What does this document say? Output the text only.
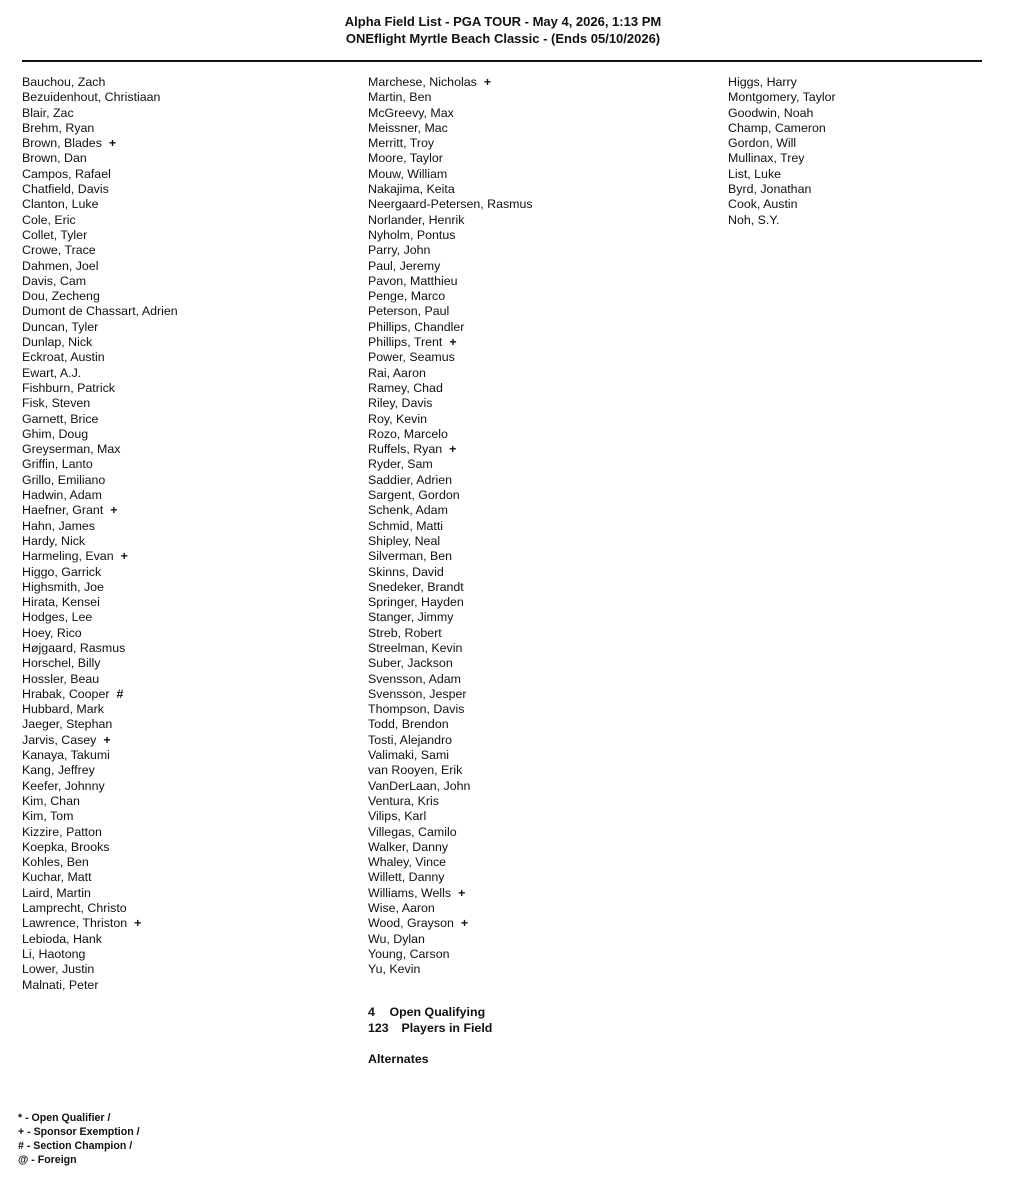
Alpha Field List - PGA TOUR - May 4, 2026, 1:13 PM
ONEflight Myrtle Beach Classic - (Ends 05/10/2026)
Bauchou, Zach
Bezuidenhout, Christiaan
Blair, Zac
Brehm, Ryan
Brown, Blades +
Brown, Dan
Campos, Rafael
Chatfield, Davis
Clanton, Luke
Cole, Eric
Collet, Tyler
Crowe, Trace
Dahmen, Joel
Davis, Cam
Dou, Zecheng
Dumont de Chassart, Adrien
Duncan, Tyler
Dunlap, Nick
Eckroat, Austin
Ewart, A.J.
Fishburn, Patrick
Fisk, Steven
Garnett, Brice
Ghim, Doug
Greyserman, Max
Griffin, Lanto
Grillo, Emiliano
Hadwin, Adam
Haefner, Grant +
Hahn, James
Hardy, Nick
Harmeling, Evan +
Higgo, Garrick
Highsmith, Joe
Hirata, Kensei
Hodges, Lee
Hoey, Rico
Højgaard, Rasmus
Horschel, Billy
Hossler, Beau
Hrabak, Cooper #
Hubbard, Mark
Jaeger, Stephan
Jarvis, Casey +
Kanaya, Takumi
Kang, Jeffrey
Keefer, Johnny
Kim, Chan
Kim, Tom
Kizzire, Patton
Koepka, Brooks
Kohles, Ben
Kuchar, Matt
Laird, Martin
Lamprecht, Christo
Lawrence, Thriston +
Lebioda, Hank
Li, Haotong
Lower, Justin
Malnati, Peter
Marchese, Nicholas +
Martin, Ben
McGreevy, Max
Meissner, Mac
Merritt, Troy
Moore, Taylor
Mouw, William
Nakajima, Keita
Neergaard-Petersen, Rasmus
Norlander, Henrik
Nyholm, Pontus
Parry, John
Paul, Jeremy
Pavon, Matthieu
Penge, Marco
Peterson, Paul
Phillips, Chandler
Phillips, Trent +
Power, Seamus
Rai, Aaron
Ramey, Chad
Riley, Davis
Roy, Kevin
Rozo, Marcelo
Ruffels, Ryan +
Ryder, Sam
Saddier, Adrien
Sargent, Gordon
Schenk, Adam
Schmid, Matti
Shipley, Neal
Silverman, Ben
Skinns, David
Snedeker, Brandt
Springer, Hayden
Stanger, Jimmy
Streb, Robert
Streelman, Kevin
Suber, Jackson
Svensson, Adam
Svensson, Jesper
Thompson, Davis
Todd, Brendon
Tosti, Alejandro
Valimaki, Sami
van Rooyen, Erik
VanDerLaan, John
Ventura, Kris
Vilips, Karl
Villegas, Camilo
Walker, Danny
Whaley, Vince
Willett, Danny
Williams, Wells +
Wise, Aaron
Wood, Grayson +
Wu, Dylan
Young, Carson
Yu, Kevin
Higgs, Harry
Montgomery, Taylor
Goodwin, Noah
Champ, Cameron
Gordon, Will
Mullinax, Trey
List, Luke
Byrd, Jonathan
Cook, Austin
Noh, S.Y.
4 Open Qualifying
123 Players in Field
Alternates
* - Open Qualifier /
+ - Sponsor Exemption /
# - Section Champion /
@ - Foreign
